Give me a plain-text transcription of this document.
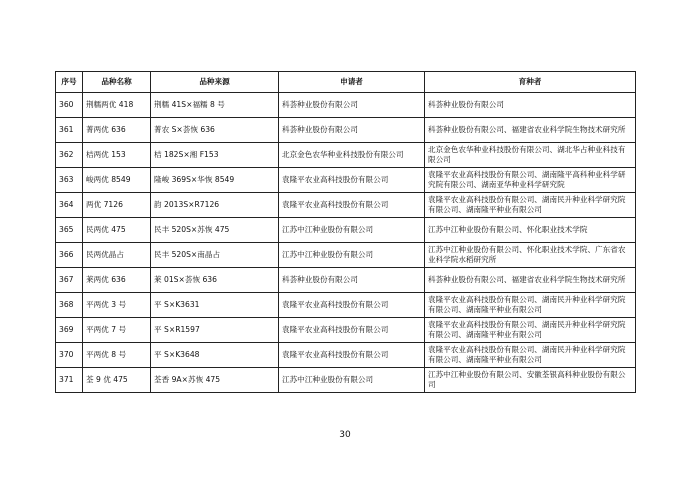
序号	品种名称	品种来源	申请者	育种者
360	荆糯两优 418	荆糯 41S×福糯 8 号	科荟种业股份有限公司	科荟种业股份有限公司
361	菁两优 636	菁农 S×荟恢 636	科荟种业股份有限公司	科荟种业股份有限公司、福建省农业科学院生物技术研究所
362	桔两优 153	桔 182S×湘 F153	北京金色农华种业科技股份有限公司	北京金色农华种业科技股份有限公司、湖北华占种业科技有限公司
363	峻两优 8549	隆峻 369S×华恢 8549	袁隆平农业高科技股份有限公司	袁隆平农业高科技股份有限公司、湖南隆平高科种业科学研究院有限公司、湖南亚华种业科学研究院
364	两优 7126	韵 2013S×R7126	袁隆平农业高科技股份有限公司	袁隆平农业高科技股份有限公司、湖南民升种业科学研究院有限公司、湖南隆平种业有限公司
365	民两优 475	民丰 520S×苏恢 475	江苏中江种业股份有限公司	江苏中江种业股份有限公司、怀化职业技术学院
366	民两优晶占	民丰 520S×南晶占	江苏中江种业股份有限公司	江苏中江种业股份有限公司、怀化职业技术学院、广东省农业科学院水稻研究所
367	莱两优 636	莱 01S×荟恢 636	科荟种业股份有限公司	科荟种业股份有限公司、福建省农业科学院生物技术研究所
368	平两优 3 号	平 S×K3631	袁隆平农业高科技股份有限公司	袁隆平农业高科技股份有限公司、湖南民升种业科学研究院有限公司、湖南隆平种业有限公司
369	平两优 7 号	平 S×R1597	袁隆平农业高科技股份有限公司	袁隆平农业高科技股份有限公司、湖南民升种业科学研究院有限公司、湖南隆平种业有限公司
370	平两优 8 号	平 S×K3648	袁隆平农业高科技股份有限公司	袁隆平农业高科技股份有限公司、湖南民升种业科学研究院有限公司、湖南隆平种业有限公司
371	荃 9 优 475	荃香 9A×苏恢 475	江苏中江种业股份有限公司	江苏中江种业股份有限公司、安徽荃银高科种业股份有限公司
30
